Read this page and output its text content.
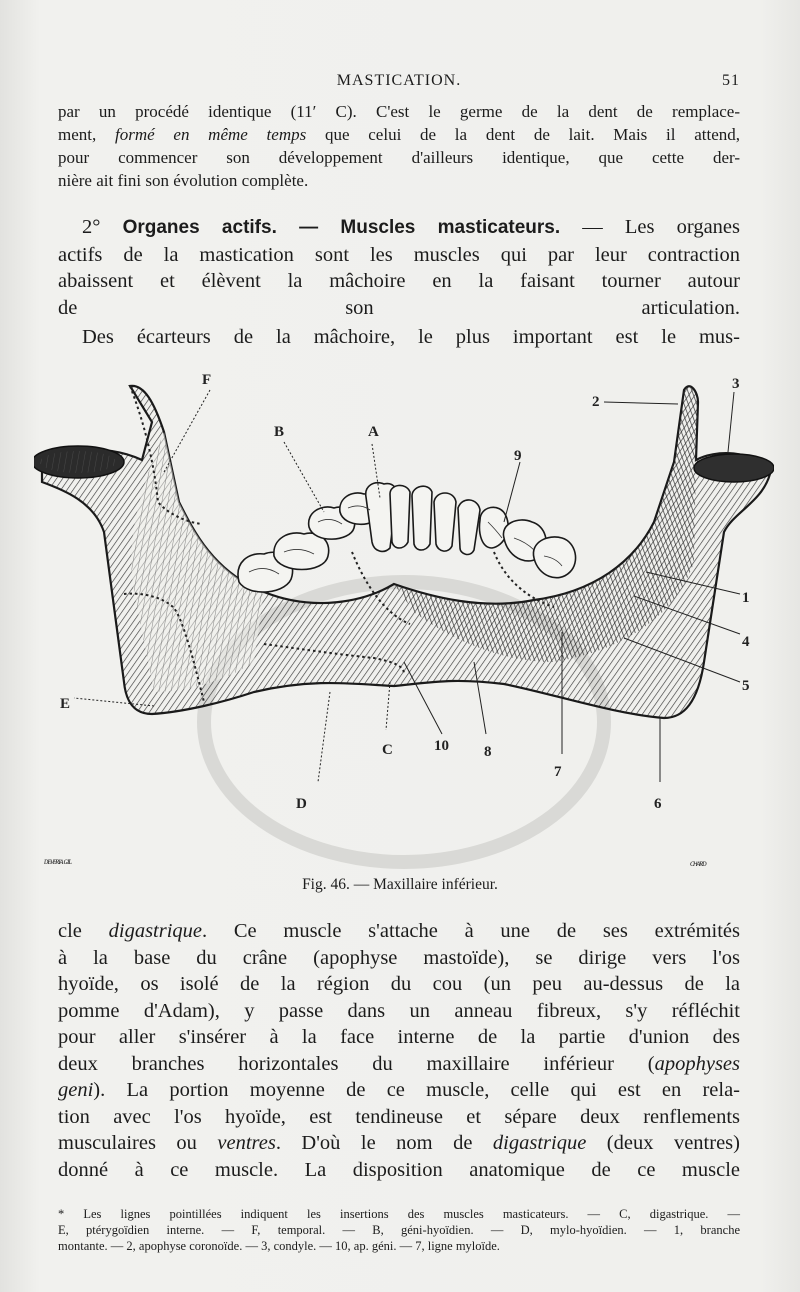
MASTICATION.	51
par un procédé identique (11′ C). C'est le germe de la dent de remplace-
ment, formé en même temps que celui de la dent de lait. Mais il attend,
pour commencer son développement d'ailleurs identique, que cette der-
nière ait fini son évolution complète.
2° Organes actifs. — Muscles masticateurs. — Les organes
actifs de la mastication sont les muscles qui par leur contraction
abaissent et élèvent la mâchoire en la faisant tourner autour
de son articulation.
Des écarteurs de la mâchoire, le plus important est le mus-
F
B	A
9
2
3
1
4
5
E
C	10 8
7
D	6
ᴅᴇᴠᴇʀɪᴀ ɢɪʟ	ᴄʜᴀʀᴅ
Fig. 46. — Maxillaire inférieur.
cle digastrique. Ce muscle s'attache à une de ses extrémités
à la base du crâne (apophyse mastoïde), se dirige vers l'os
hyoïde, os isolé de la région du cou (un peu au-dessus de la
pomme d'Adam), y passe dans un anneau fibreux, s'y réfléchit
pour aller s'insérer à la face interne de la partie d'union des
deux branches horizontales du maxillaire inférieur (apophyses
geni). La portion moyenne de ce muscle, celle qui est en rela-
tion avec l'os hyoïde, est tendineuse et sépare deux renflements
musculaires ou ventres. D'où le nom de digastrique (deux ventres)
donné à ce muscle. La disposition anatomique de ce muscle
* Les lignes pointillées indiquent les insertions des muscles masticateurs. — C, digastrique. —
E, ptérygoïdien interne. — F, temporal. — B, géni-hyoïdien. — D, mylo-hyoïdien. — 1, branche
montante. — 2, apophyse coronoïde. — 3, condyle. — 10, ap. géni. — 7, ligne myloïde.
